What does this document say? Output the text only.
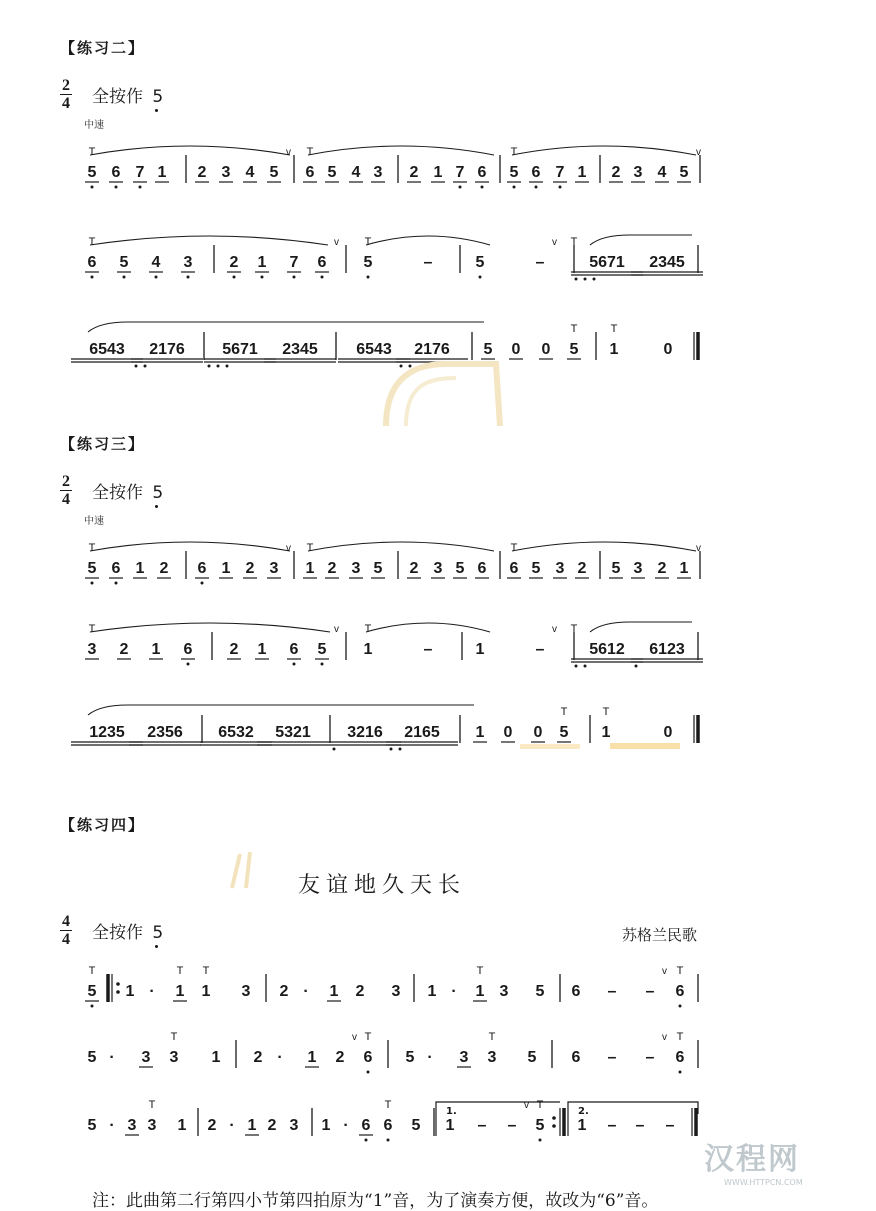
【练习二】
2
4 全按作 5
中速
5
T
6 7 1 2 3 4 5
v
6
T
5 4 3 2 1 7 6 5
T
6 7 1 2 3 4 5
v
6
T
5 4 3 2 1 7 6
v
5
T
–	5	–
v
5671
T
2345
6543 2176 5671 2345 6543 2176 5 0 0 5
T
1
T
0
【练习三】
2
4 全按作 5
中速
5
T
6 1 2 6 1 2 3
v
1
T
2 3 5 2 3 5 6 6
T
5 3 2 5 3 2 1
v
3
T
2 1 6 2 1 6 5
v
1
T
–	1	–
v
5612
T
6123
1235 2356 6532 5321 3216 2165 1 0 0 5
T
1
T
0
【练习四】
友谊地久天长
4
4 全按作 5	苏格兰民歌
5
T
1 · 1
T
1
T
3 2 · 1 2 3 1 · 1
T
3 5 6 – –
v
6
T
5 · 3 3
T
1 2 · 1 2
v
6
T
5 · 3 3
T
5 6 – –
v
6
T
5 · 3 3
T
1 2 · 1 2 3 1 · 6 6
T
5 1 – –
v
5
T
1 – – –
1.	2.
注：此曲第二行第四小节第四拍原为“1”音，为了演奏方便，故改为“6”音。
汉程网
WWW.HTTPCN.COM
